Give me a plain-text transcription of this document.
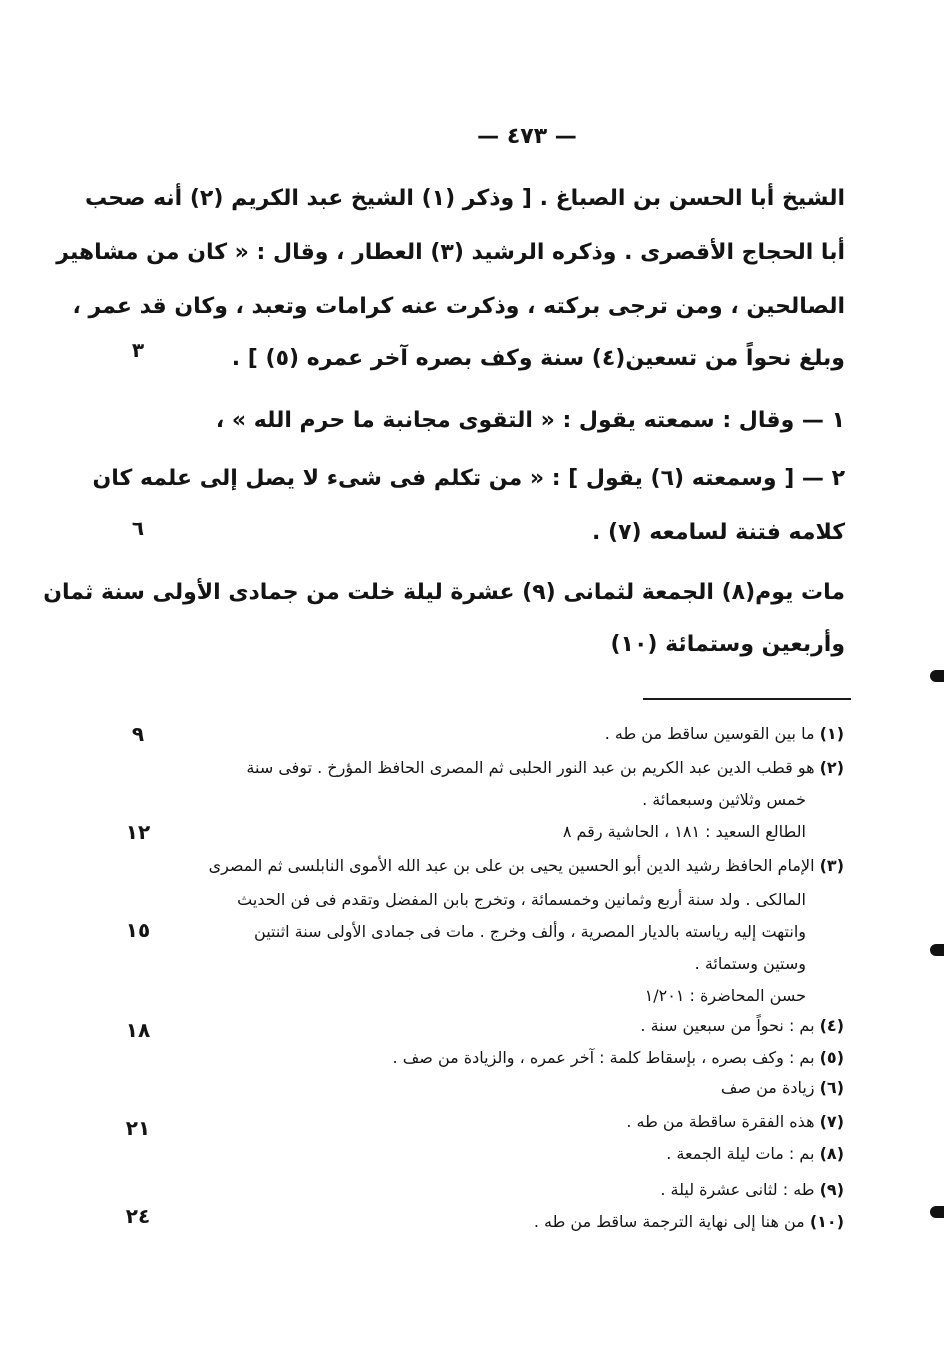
— ٤٧٣ —
الشيخ أبا الحسن بن الصباغ . [ وذكر (١) الشيخ عبد الكريم (٢) أنه صحب
أبا الحجاج الأقصرى . وذكره الرشيد (٣) العطار ، وقال : « كان من مشاهير
الصالحين ، ومن ترجى بركته ، وذكرت عنه كرامات وتعبد ، وكان قد عمر ،
وبلغ نحواً من تسعين(٤) سنة وكف بصره آخر عمره (٥) ] .
١ — وقال : سمعته يقول : « التقوى مجانبة ما حرم الله » ،
٢ — [ وسمعته (٦) يقول ] : « من تكلم فى شىء لا يصل إلى علمه كان
كلامه فتنة لسامعه (٧) .
مات يوم(٨) الجمعة لثمانى (٩) عشرة ليلة خلت من جمادى الأولى سنة ثمان
وأربعين وستمائة (١٠)
٣
٦
٩
١٢
١٥
١٨
٢١
٢٤
(١) ما بين القوسين ساقط من طه .
(٢) هو قطب الدين عبد الكريم بن عبد النور الحلبى ثم المصرى الحافظ المؤرخ . توفى سنة
خمس وثلاثين وسبعمائة .
الطالع السعيد : ١٨١ ، الحاشية رقم ٨
(٣) الإمام الحافظ رشيد الدين أبو الحسين يحيى بن على بن عبد الله الأموى النابلسى ثم المصرى
المالكى . ولد سنة أربع وثمانين وخمسمائة ، وتخرج بابن المفضل وتقدم فى فن الحديث
وانتهت إليه رياسته بالديار المصرية ، وألف وخرج . مات فى جمادى الأولى سنة اثنتين
وستين وستمائة .
حسن المحاضرة : ١/٢٠١
(٤) بم : نحواً من سبعين سنة .
(٥) بم : وكف بصره ، بإسقاط كلمة : آخر عمره ، والزيادة من صف .
(٦) زيادة من صف
(٧) هذه الفقرة ساقطة من طه .
(٨) بم : مات ليلة الجمعة .
(٩) طه : لثانى عشرة ليلة .
(١٠) من هنا إلى نهاية الترجمة ساقط من طه .
